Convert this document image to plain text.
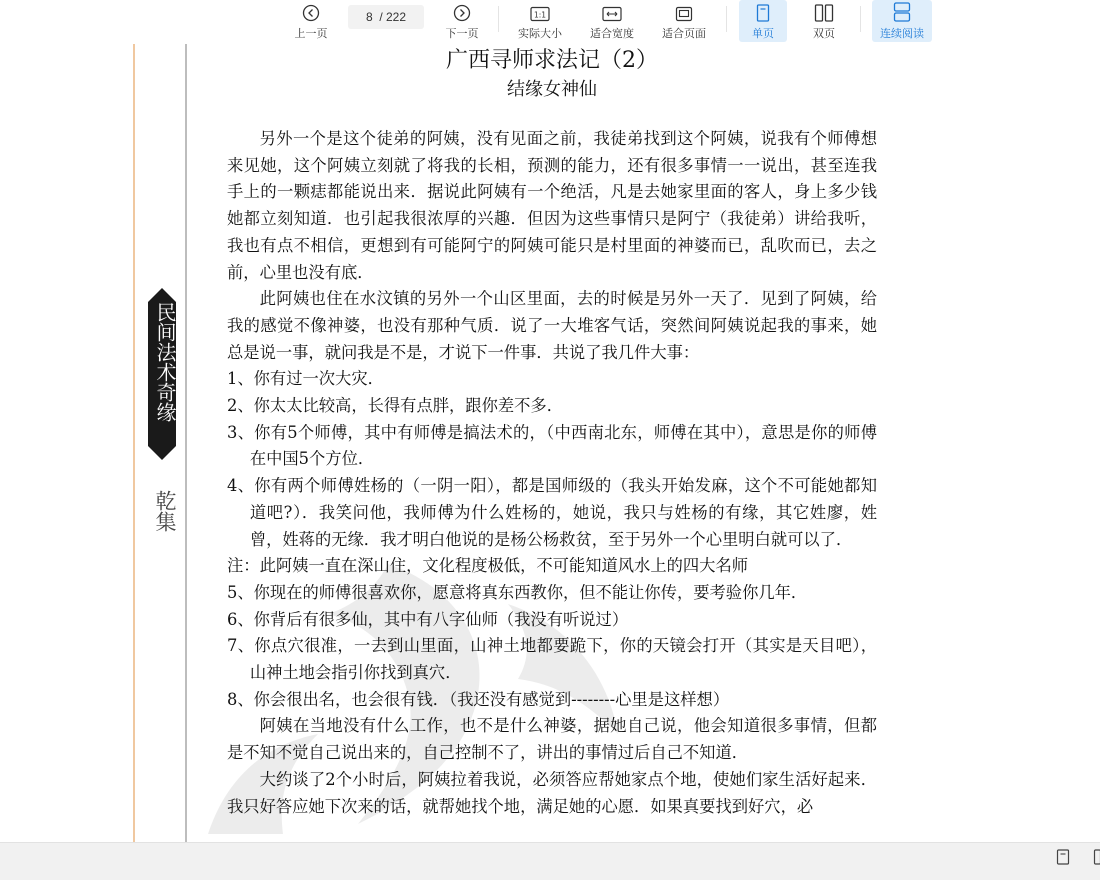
上一页
8
/ 222
下一页
1:1
实际大小	适合宽度	适合页面	单页	双页	连续阅读
民间法术奇缘
乾集
广西寻师求法记（2）
结缘女神仙

另外一个是这个徒弟的阿姨，没有见面之前，我徒弟找到这个阿姨，说我有个师傅想来见她，这个阿姨立刻就了将我的长相，预测的能力，还有很多事情一一说出，甚至连我手上的一颗痣都能说出来．据说此阿姨有一个绝活，凡是去她家里面的客人，身上多少钱她都立刻知道．也引起我很浓厚的兴趣．但因为这些事情只是阿宁（我徒弟）讲给我听，我也有点不相信，更想到有可能阿宁的阿姨可能只是村里面的神婆而已，乱吹而已，去之前，心里也没有底．

此阿姨也住在水汶镇的另外一个山区里面，去的时候是另外一天了．见到了阿姨，给我的感觉不像神婆，也没有那种气质．说了一大堆客气话，突然间阿姨说起我的事来，她总是说一事，就问我是不是，才说下一件事．共说了我几件大事：

1、你有过一次大灾．

2、你太太比较高，长得有点胖，跟你差不多．

3、你有5个师傅，其中有师傅是搞法术的，（中西南北东，师傅在其中），意思是你的师傅在中国5个方位．

4、你有两个师傅姓杨的（一阴一阳），都是国师级的（我头开始发麻，这个不可能她都知道吧?）．我笑问他，我师傅为什么姓杨的，她说，我只与姓杨的有缘，其它姓廖，姓曾，姓蒋的无缘．我才明白他说的是杨公杨救贫，至于另外一个心里明白就可以了．

注：此阿姨一直在深山住，文化程度极低，不可能知道风水上的四大名师

5、你现在的师傅很喜欢你，愿意将真东西教你，但不能让你传，要考验你几年．

6、你背后有很多仙，其中有八字仙师（我没有听说过）

7、你点穴很准，一去到山里面，山神土地都要跪下，你的天镜会打开（其实是天目吧），山神土地会指引你找到真穴．

8、你会很出名，也会很有钱．（我还没有感觉到--------心里是这样想）

阿姨在当地没有什么工作，也不是什么神婆，据她自己说，他会知道很多事情，但都是不知不觉自己说出来的，自己控制不了，讲出的事情过后自己不知道．

大约谈了2个小时后，阿姨拉着我说，必须答应帮她家点个地，使她们家生活好起来．我只好答应她下次来的话，就帮她找个地，满足她的心愿．如果真要找到好穴，必
